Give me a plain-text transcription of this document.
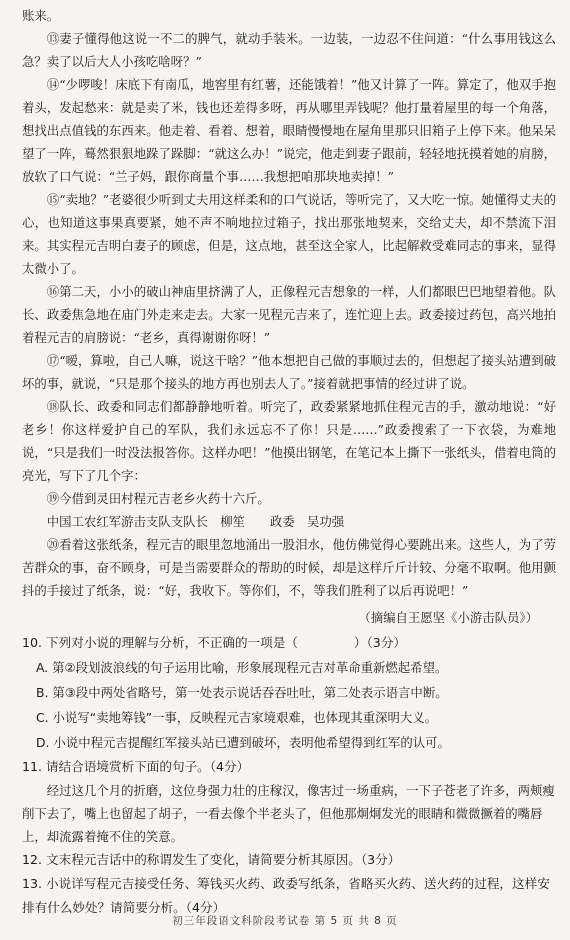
账来。

⑬妻子懂得他这说一不二的脾气，就动手装米。一边装，一边忍不住问道：“什么事用钱这么急？卖了以后大人小孩吃啥呀？”

⑭“少啰唆！床底下有南瓜，地窖里有红薯，还能饿着！”他又计算了一阵。算定了，他双手抱着头，发起愁来：就是卖了米，钱也还差得多呀，再从哪里弄钱呢？他打量着屋里的每一个角落，想找出点值钱的东西来。他走着、看着、想着，眼睛慢慢地在屋角里那只旧箱子上停下来。他呆呆望了一阵，蓦然狠狠地跺了跺脚：“就这么办！”说完，他走到妻子跟前，轻轻地抚摸着她的肩膀，放软了口气说：“兰子妈，跟你商量个事……我想把咱那块地卖掉！”

⑮“卖地？”老婆很少听到丈夫用这样柔和的口气说话，等听完了，又大吃一惊。她懂得丈夫的心，也知道这事果真要紧，她不声不响地拉过箱子，找出那张地契来，交给丈夫，却不禁流下泪来。其实程元吉明白妻子的顾虑，但是，这点地，甚至这全家人，比起解救受难同志的事来，显得太微小了。

⑯第二天，小小的破山神庙里挤满了人，正像程元吉想象的一样，人们都眼巴巴地望着他。队长、政委焦急地在庙门外走来走去。大家一见程元吉来了，连忙迎上去。政委接过药包，高兴地拍着程元吉的肩膀说：“老乡，真得谢谢你呀！”

⑰“嗳，算啦，自己人嘛，说这干啥？”他本想把自己做的事顺过去的，但想起了接头站遭到破坏的事，就说，“只是那个接头的地方再也别去人了。”接着就把事情的经过讲了说。

⑱队长、政委和同志们都静静地听着。听完了，政委紧紧地抓住程元吉的手，激动地说：“好老乡！你这样爱护自己的军队，我们永远忘不了你！只是……”政委搜索了一下衣袋，为难地说，“只是我们一时没法报答你。这样办吧！”他摸出钢笔，在笔记本上撕下一张纸头，借着电筒的亮光，写下了几个字：

⑲今借到灵田村程元吉老乡火药十六斤。

中国工农红军游击支队支队长　柳笙　　政委　吴功强

⑳看着这张纸条，程元吉的眼里忽地涌出一股泪水，他仿佛觉得心要跳出来。这些人，为了劳苦群众的事，奋不顾身，可是当需要群众的帮助的时候，却是这样斤斤计较、分毫不取啊。他用颤抖的手接过了纸条，说：“好，我收下。等你们，不，等我们胜利了以后再说吧！”

（摘编自王愿坚《小游击队员》）

10. 下列对小说的理解与分析，不正确的一项是（	）（3分）

A. 第②段划波浪线的句子运用比喻，形象展现程元吉对革命重新燃起希望。

B. 第③段中两处省略号，第一处表示说话吞吞吐吐，第二处表示语言中断。

C. 小说写“卖地筹钱”一事，反映程元吉家境艰难，也体现其重深明大义。

D. 小说中程元吉提醒红军接头站已遭到破坏，表明他希望得到红军的认可。

11. 请结合语境赏析下面的句子。（4分）

经过这几个月的折磨，这位身强力壮的庄稼汉，像害过一场重病，一下子苍老了许多，两颊瘦削下去了，嘴上也留起了胡子，一看去像个半老头了，但他那炯炯发光的眼睛和微微撅着的嘴唇上，却流露着掩不住的笑意。

12. 文末程元吉话中的称谓发生了变化，请简要分析其原因。（3分）

13. 小说详写程元吉接受任务、筹钱买火药、政委写纸条，省略买火药、送火药的过程，这样安排有什么妙处？请简要分析。（4分）

初三年段语文科阶段考试卷 第 5 页 共 8 页
